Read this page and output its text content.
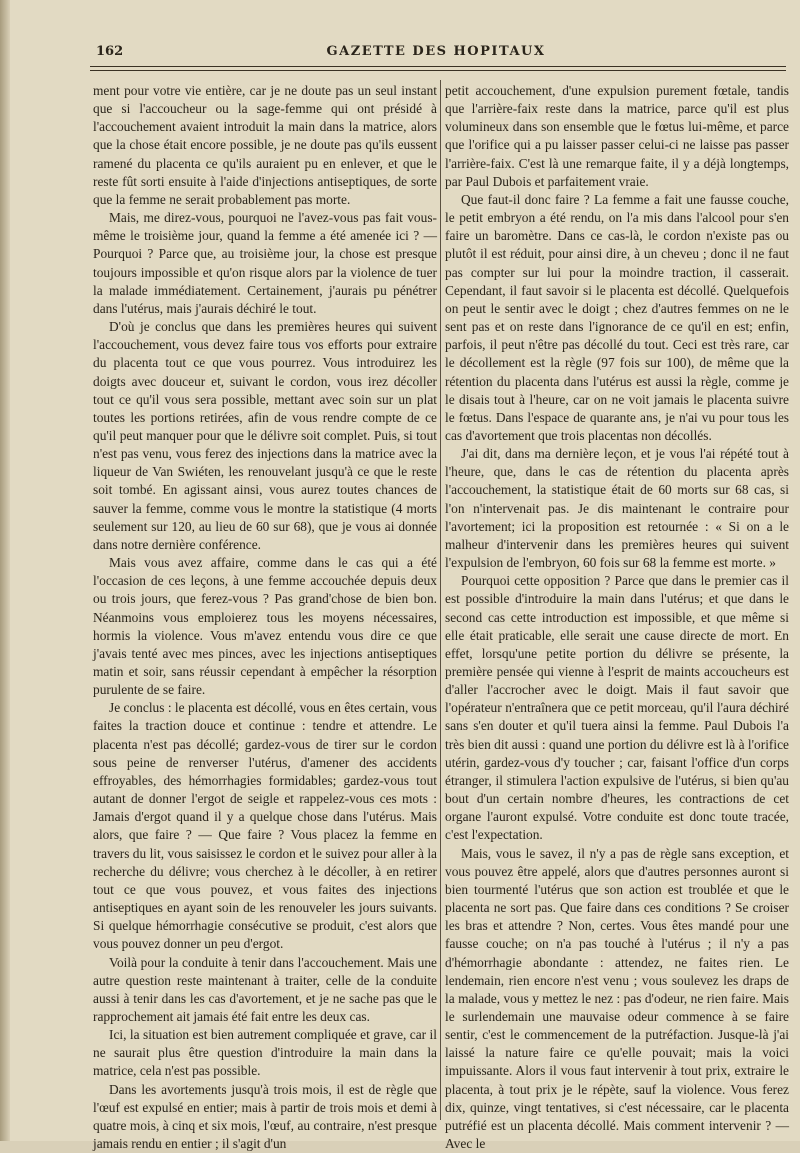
162	GAZETTE DES HOPITAUX

ment pour votre vie entière, car je ne doute pas un seul instant que si l'accoucheur ou la sage-femme qui ont présidé à l'accouchement avaient introduit la main dans la matrice, alors que la chose était encore possible, je ne doute pas qu'ils eussent ramené du placenta ce qu'ils auraient pu en enlever, et que le reste fût sorti ensuite à l'aide d'injections antiseptiques, de sorte que la femme ne serait probablement pas morte.

Mais, me direz-vous, pourquoi ne l'avez-vous pas fait vous-même le troisième jour, quand la femme a été amenée ici ? — Pourquoi ? Parce que, au troisième jour, la chose est presque toujours impossible et qu'on risque alors par la violence de tuer la malade immédiatement. Certainement, j'aurais pu pénétrer dans l'utérus, mais j'aurais déchiré le tout.

D'où je conclus que dans les premières heures qui suivent l'accouchement, vous devez faire tous vos efforts pour extraire du placenta tout ce que vous pourrez. Vous introduirez les doigts avec douceur et, suivant le cordon, vous irez décoller tout ce qu'il vous sera possible, mettant avec soin sur un plat toutes les portions retirées, afin de vous rendre compte de ce qu'il peut manquer pour que le délivre soit complet. Puis, si tout n'est pas venu, vous ferez des injections dans la matrice avec la liqueur de Van Swiéten, les renouvelant jusqu'à ce que le reste soit tombé. En agissant ainsi, vous aurez toutes chances de sauver la femme, comme vous le montre la statistique (4 morts seulement sur 120, au lieu de 60 sur 68), que je vous ai donnée dans notre dernière conférence.

Mais vous avez affaire, comme dans le cas qui a été l'occasion de ces leçons, à une femme accouchée depuis deux ou trois jours, que ferez-vous ? Pas grand'chose de bien bon. Néanmoins vous emploierez tous les moyens nécessaires, hormis la violence. Vous m'avez entendu vous dire ce que j'avais tenté avec mes pinces, avec les injections antiseptiques matin et soir, sans réussir cependant à empêcher la résorption purulente de se faire.

Je conclus : le placenta est décollé, vous en êtes certain, vous faites la traction douce et continue : tendre et attendre. Le placenta n'est pas décollé; gardez-vous de tirer sur le cordon sous peine de renverser l'utérus, d'amener des accidents effroyables, des hémorrhagies formidables; gardez-vous tout autant de donner l'ergot de seigle et rappelez-vous ces mots : Jamais d'ergot quand il y a quelque chose dans l'utérus. Mais alors, que faire ? — Que faire ? Vous placez la femme en travers du lit, vous saisissez le cordon et le suivez pour aller à la recherche du délivre; vous cherchez à le décoller, à en retirer tout ce que vous pouvez, et vous faites des injections antiseptiques en ayant soin de les renouveler les jours suivants. Si quelque hémorrhagie consécutive se produit, c'est alors que vous pouvez donner un peu d'ergot.

Voilà pour la conduite à tenir dans l'accouchement. Mais une autre question reste maintenant à traiter, celle de la conduite aussi à tenir dans les cas d'avortement, et je ne sache pas que le rapprochement ait jamais été fait entre les deux cas.

Ici, la situation est bien autrement compliquée et grave, car il ne saurait plus être question d'introduire la main dans la matrice, cela n'est pas possible.

Dans les avortements jusqu'à trois mois, il est de règle que l'œuf est expulsé en entier; mais à partir de trois mois et demi à quatre mois, à cinq et six mois, l'œuf, au contraire, n'est presque jamais rendu en entier ; il s'agit d'un

petit accouchement, d'une expulsion purement fœtale, tandis que l'arrière-faix reste dans la matrice, parce qu'il est plus volumineux dans son ensemble que le fœtus lui-même, et parce que l'orifice qui a pu laisser passer celui-ci ne laisse pas passer l'arrière-faix. C'est là une remarque faite, il y a déjà longtemps, par Paul Dubois et parfaitement vraie.

Que faut-il donc faire ? La femme a fait une fausse couche, le petit embryon a été rendu, on l'a mis dans l'alcool pour s'en faire un baromètre. Dans ce cas-là, le cordon n'existe pas ou plutôt il est réduit, pour ainsi dire, à un cheveu ; donc il ne faut pas compter sur lui pour la moindre traction, il casserait. Cependant, il faut savoir si le placenta est décollé. Quelquefois on peut le sentir avec le doigt ; chez d'autres femmes on ne le sent pas et on reste dans l'ignorance de ce qu'il en est; enfin, parfois, il peut n'être pas décollé du tout. Ceci est très rare, car le décollement est la règle (97 fois sur 100), de même que la rétention du placenta dans l'utérus est aussi la règle, comme je le disais tout à l'heure, car on ne voit jamais le placenta suivre le fœtus. Dans l'espace de quarante ans, je n'ai vu pour tous les cas d'avortement que trois placentas non décollés.

J'ai dit, dans ma dernière leçon, et je vous l'ai répété tout à l'heure, que, dans le cas de rétention du placenta après l'accouchement, la statistique était de 60 morts sur 68 cas, si l'on n'intervenait pas. Je dis maintenant le contraire pour l'avortement; ici la proposition est retournée : « Si on a le malheur d'intervenir dans les premières heures qui suivent l'expulsion de l'embryon, 60 fois sur 68 la femme est morte. »

Pourquoi cette opposition ? Parce que dans le premier cas il est possible d'introduire la main dans l'utérus; et que dans le second cas cette introduction est impossible, et que même si elle était praticable, elle serait une cause directe de mort. En effet, lorsqu'une petite portion du délivre se présente, la première pensée qui vienne à l'esprit de maints accoucheurs est d'aller l'accrocher avec le doigt. Mais il faut savoir que l'opérateur n'entraînera que ce petit morceau, qu'il l'aura déchiré sans s'en douter et qu'il tuera ainsi la femme. Paul Dubois l'a très bien dit aussi : quand une portion du délivre est là à l'orifice utérin, gardez-vous d'y toucher ; car, faisant l'office d'un corps étranger, il stimulera l'action expulsive de l'utérus, si bien qu'au bout d'un certain nombre d'heures, les contractions de cet organe l'auront expulsé. Votre conduite est donc toute tracée, c'est l'expectation.

Mais, vous le savez, il n'y a pas de règle sans exception, et vous pouvez être appelé, alors que d'autres personnes auront si bien tourmenté l'utérus que son action est troublée et que le placenta ne sort pas. Que faire dans ces conditions ? Se croiser les bras et attendre ? Non, certes. Vous êtes mandé pour une fausse couche; on n'a pas touché à l'utérus ; il n'y a pas d'hémorrhagie abondante : attendez, ne faites rien. Le lendemain, rien encore n'est venu ; vous soulevez les draps de la malade, vous y mettez le nez : pas d'odeur, ne rien faire. Mais le surlendemain une mauvaise odeur commence à se faire sentir, c'est le commencement de la putréfaction. Jusque-là j'ai laissé la nature faire ce qu'elle pouvait; mais la voici impuissante. Alors il vous faut intervenir à tout prix, extraire le placenta, à tout prix je le répète, sauf la violence. Vous ferez dix, quinze, vingt tentatives, si c'est nécessaire, car le placenta putréfié est un placenta décollé. Mais comment intervenir ? — Avec le
